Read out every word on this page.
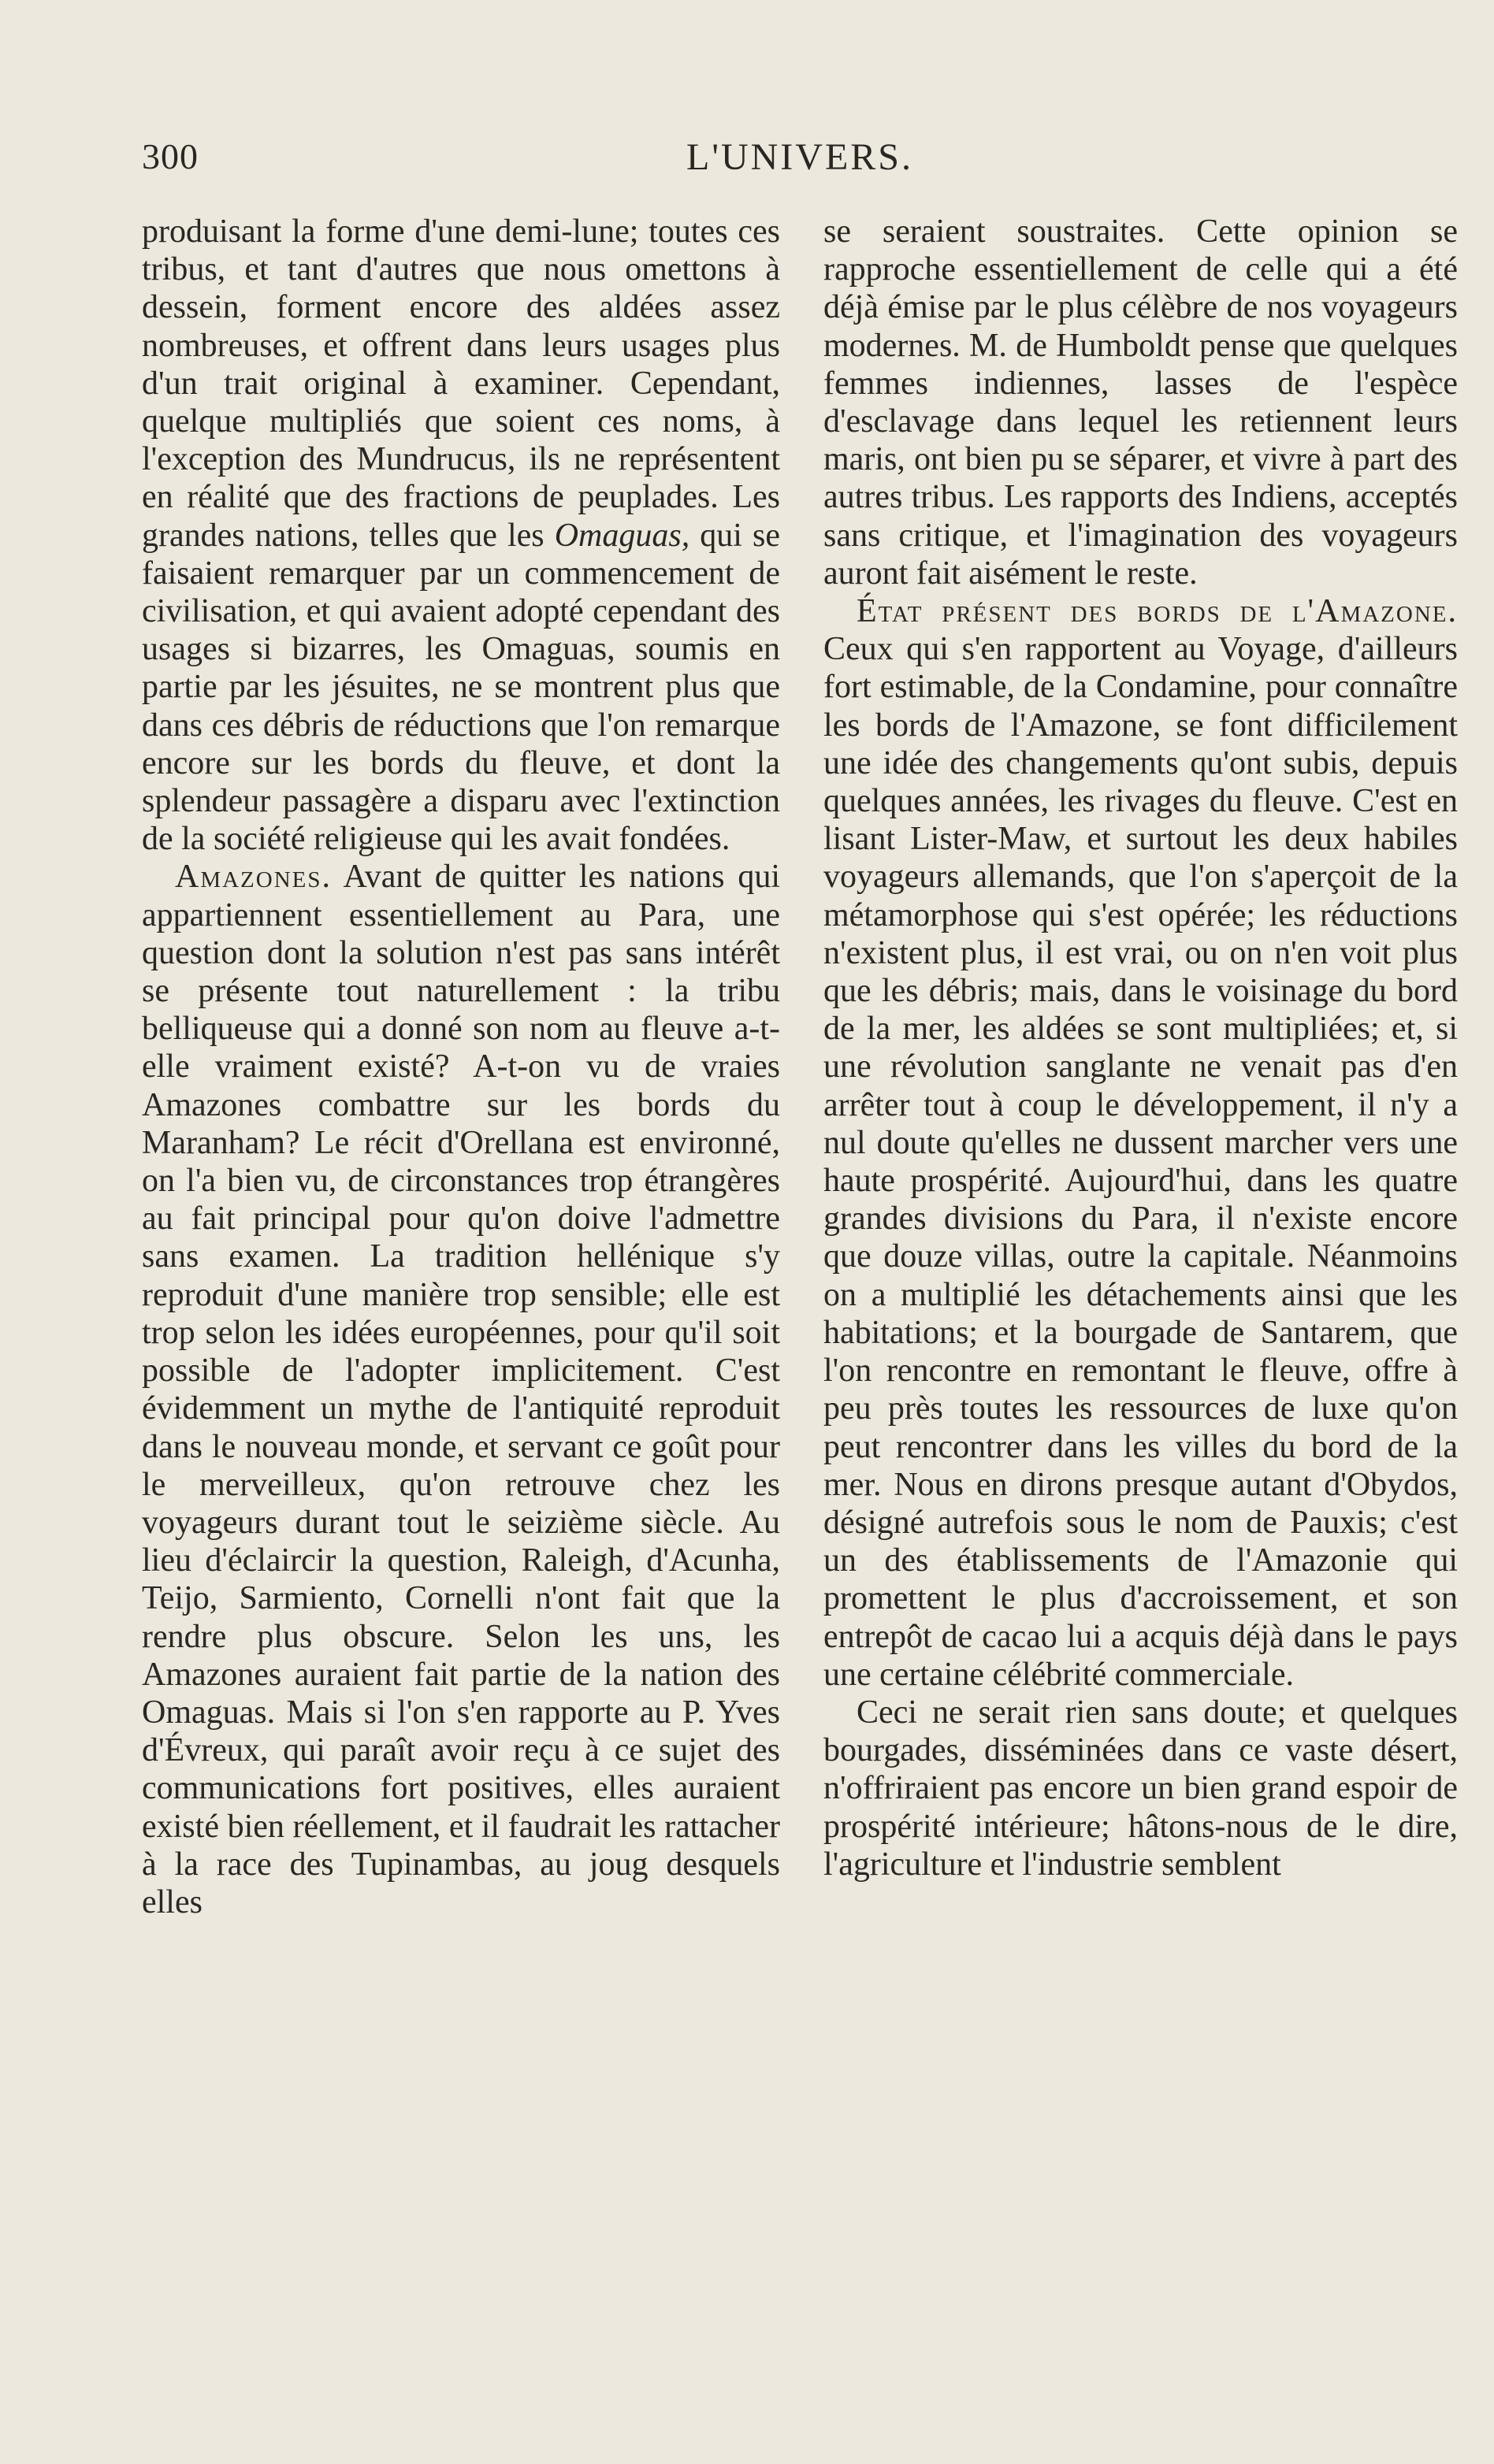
300	L'UNIVERS.

produisant la forme d'une demi-lune; toutes ces tribus, et tant d'autres que nous omettons à dessein, forment encore des aldées assez nombreuses, et offrent dans leurs usages plus d'un trait original à examiner. Cependant, quelque multipliés que soient ces noms, à l'exception des Mundrucus, ils ne représentent en réalité que des fractions de peuplades. Les grandes nations, telles que les Omaguas, qui se faisaient remarquer par un commencement de civilisation, et qui avaient adopté cependant des usages si bizarres, les Omaguas, soumis en partie par les jésuites, ne se montrent plus que dans ces débris de réductions que l'on remarque encore sur les bords du fleuve, et dont la splendeur passagère a disparu avec l'extinction de la société religieuse qui les avait fondées.

Amazones. Avant de quitter les nations qui appartiennent essentiellement au Para, une question dont la solution n'est pas sans intérêt se présente tout naturellement : la tribu belliqueuse qui a donné son nom au fleuve a-t-elle vraiment existé? A-t-on vu de vraies Amazones combattre sur les bords du Maranham? Le récit d'Orellana est environné, on l'a bien vu, de circonstances trop étrangères au fait principal pour qu'on doive l'admettre sans examen. La tradition hellénique s'y reproduit d'une manière trop sensible; elle est trop selon les idées européennes, pour qu'il soit possible de l'adopter implicitement. C'est évidemment un mythe de l'antiquité reproduit dans le nouveau monde, et servant ce goût pour le merveilleux, qu'on retrouve chez les voyageurs durant tout le seizième siècle. Au lieu d'éclaircir la question, Raleigh, d'Acunha, Teijo, Sarmiento, Cornelli n'ont fait que la rendre plus obscure. Selon les uns, les Amazones auraient fait partie de la nation des Omaguas. Mais si l'on s'en rapporte au P. Yves d'Évreux, qui paraît avoir reçu à ce sujet des communications fort positives, elles auraient existé bien réellement, et il faudrait les rattacher à la race des Tupinambas, au joug desquels elles

se seraient soustraites. Cette opinion se rapproche essentiellement de celle qui a été déjà émise par le plus célèbre de nos voyageurs modernes. M. de Humboldt pense que quelques femmes indiennes, lasses de l'espèce d'esclavage dans lequel les retiennent leurs maris, ont bien pu se séparer, et vivre à part des autres tribus. Les rapports des Indiens, acceptés sans critique, et l'imagination des voyageurs auront fait aisément le reste.

État présent des bords de l'Amazone. Ceux qui s'en rapportent au Voyage, d'ailleurs fort estimable, de la Condamine, pour connaître les bords de l'Amazone, se font difficilement une idée des changements qu'ont subis, depuis quelques années, les rivages du fleuve. C'est en lisant Lister-Maw, et surtout les deux habiles voyageurs allemands, que l'on s'aperçoit de la métamorphose qui s'est opérée; les réductions n'existent plus, il est vrai, ou on n'en voit plus que les débris; mais, dans le voisinage du bord de la mer, les aldées se sont multipliées; et, si une révolution sanglante ne venait pas d'en arrêter tout à coup le développement, il n'y a nul doute qu'elles ne dussent marcher vers une haute prospérité. Aujourd'hui, dans les quatre grandes divisions du Para, il n'existe encore que douze villas, outre la capitale. Néanmoins on a multiplié les détachements ainsi que les habitations; et la bourgade de Santarem, que l'on rencontre en remontant le fleuve, offre à peu près toutes les ressources de luxe qu'on peut rencontrer dans les villes du bord de la mer. Nous en dirons presque autant d'Obydos, désigné autrefois sous le nom de Pauxis; c'est un des établissements de l'Amazonie qui promettent le plus d'accroissement, et son entrepôt de cacao lui a acquis déjà dans le pays une certaine célébrité commerciale.

Ceci ne serait rien sans doute; et quelques bourgades, disséminées dans ce vaste désert, n'offriraient pas encore un bien grand espoir de prospérité intérieure; hâtons-nous de le dire, l'agriculture et l'industrie semblent
